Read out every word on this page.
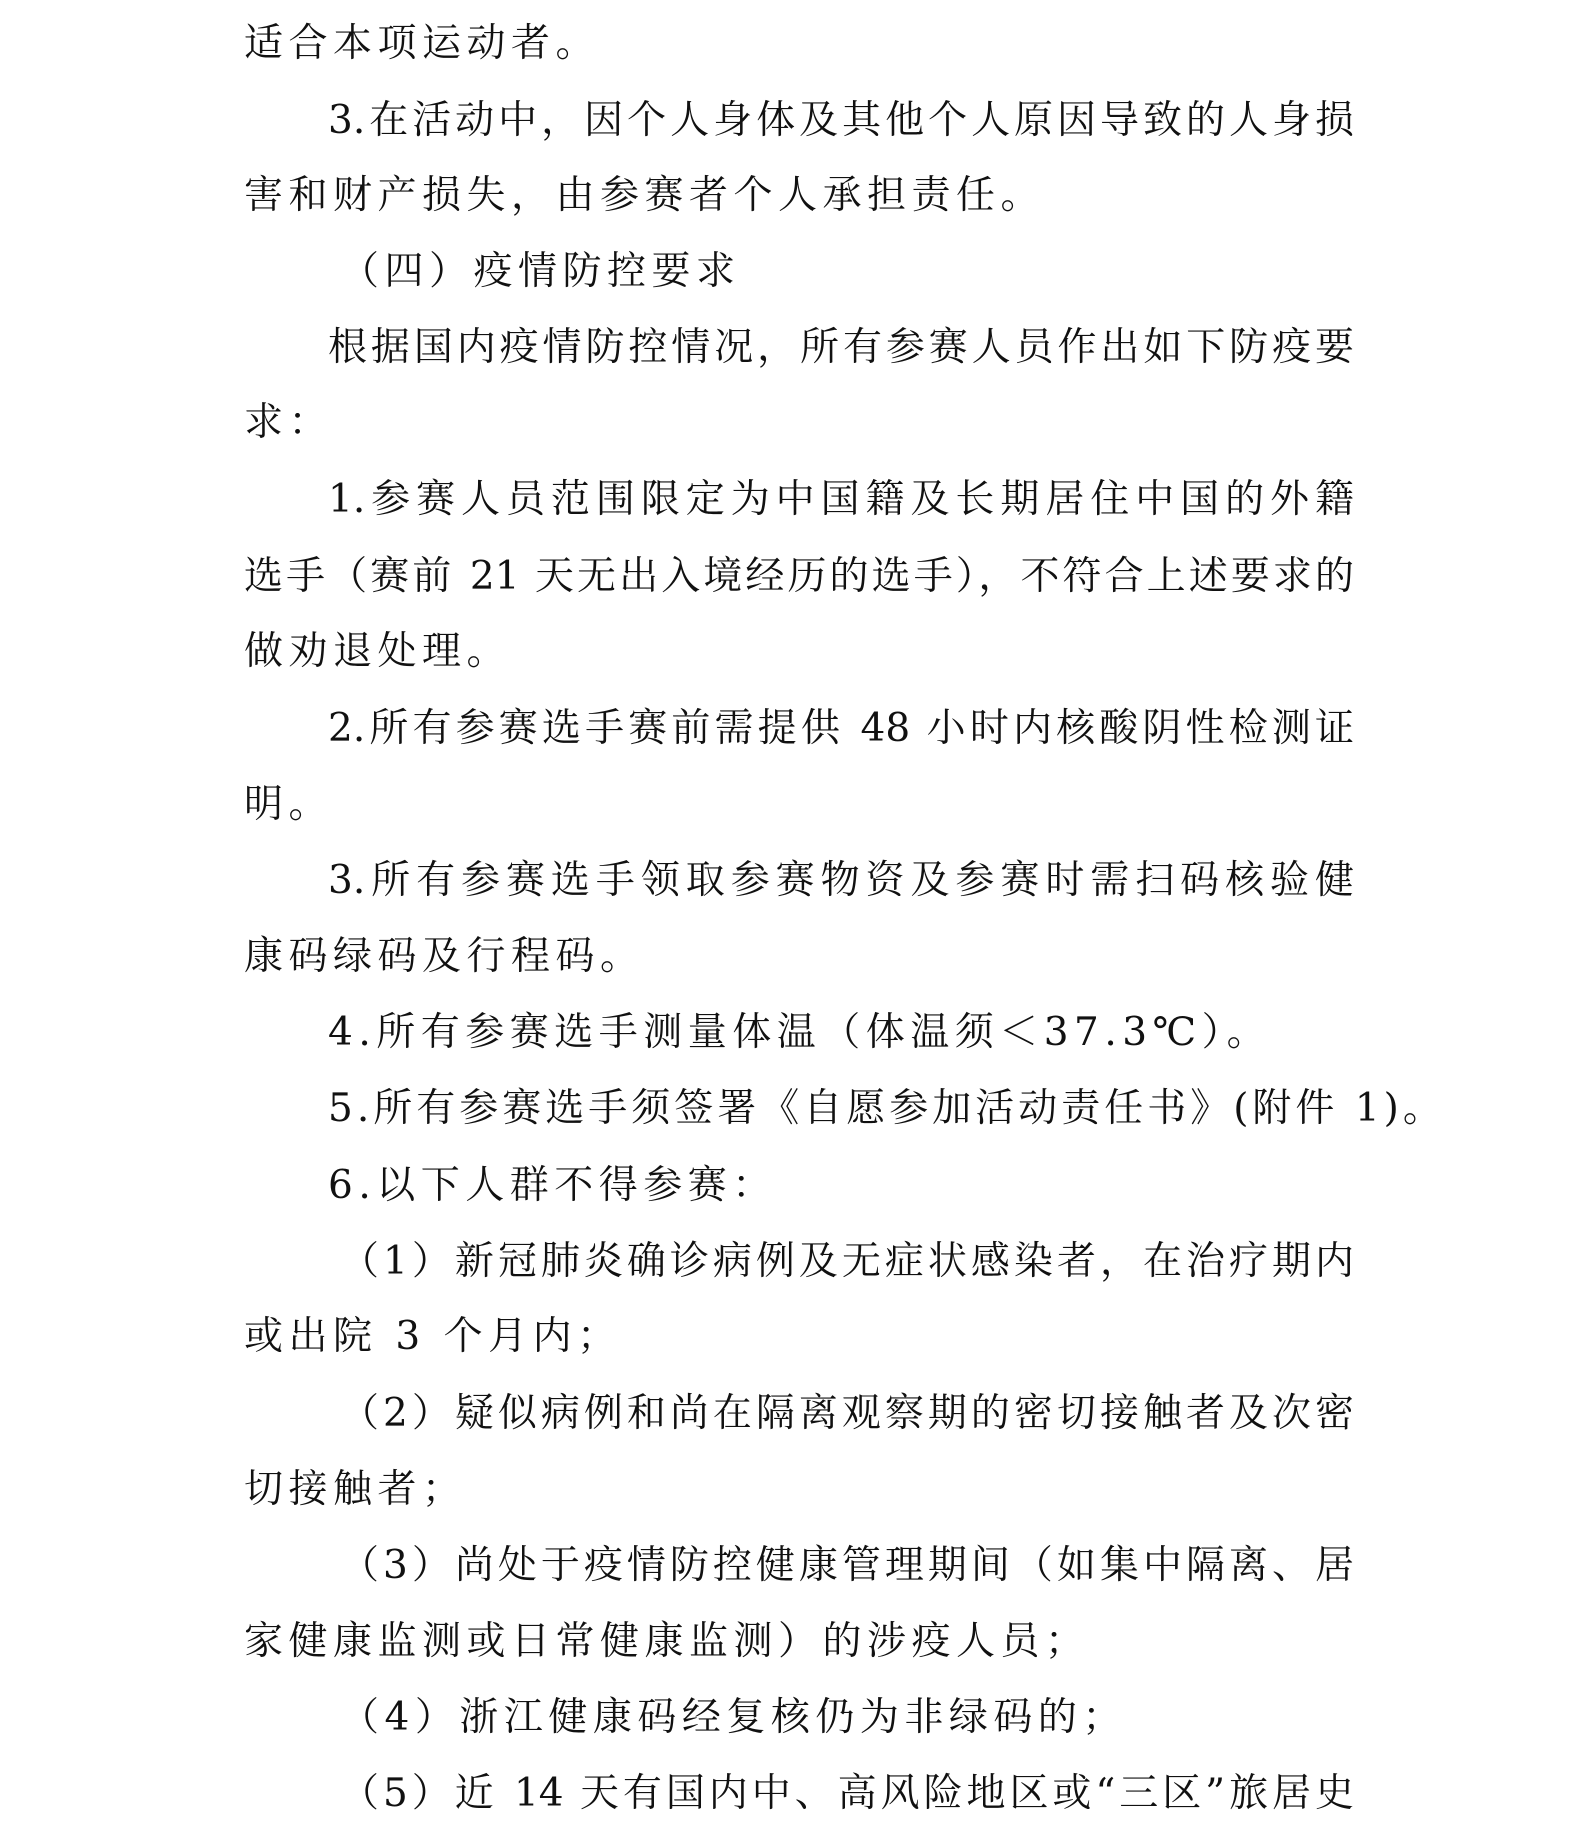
适合本项运动者。
3.在活动中，因个人身体及其他个人原因导致的人身损
害和财产损失，由参赛者个人承担责任。
（四）疫情防控要求
根据国内疫情防控情况，所有参赛人员作出如下防疫要
求：
1.参赛人员范围限定为中国籍及长期居住中国的外籍
选手（赛前 21 天无出入境经历的选手），不符合上述要求的
做劝退处理。
2.所有参赛选手赛前需提供 48 小时内核酸阴性检测证
明。
3.所有参赛选手领取参赛物资及参赛时需扫码核验健
康码绿码及行程码。
4.所有参赛选手测量体温（体温须＜37.3℃）。
5.所有参赛选手须签署《自愿参加活动责任书》(附件 1)。
6.以下人群不得参赛：
（1）新冠肺炎确诊病例及无症状感染者，在治疗期内
或出院 3 个月内；
（2）疑似病例和尚在隔离观察期的密切接触者及次密
切接触者；
（3）尚处于疫情防控健康管理期间（如集中隔离、居
家健康监测或日常健康监测）的涉疫人员；
（4）浙江健康码经复核仍为非绿码的；
（5）近 14 天有国内中、高风险地区或“三区”旅居史
